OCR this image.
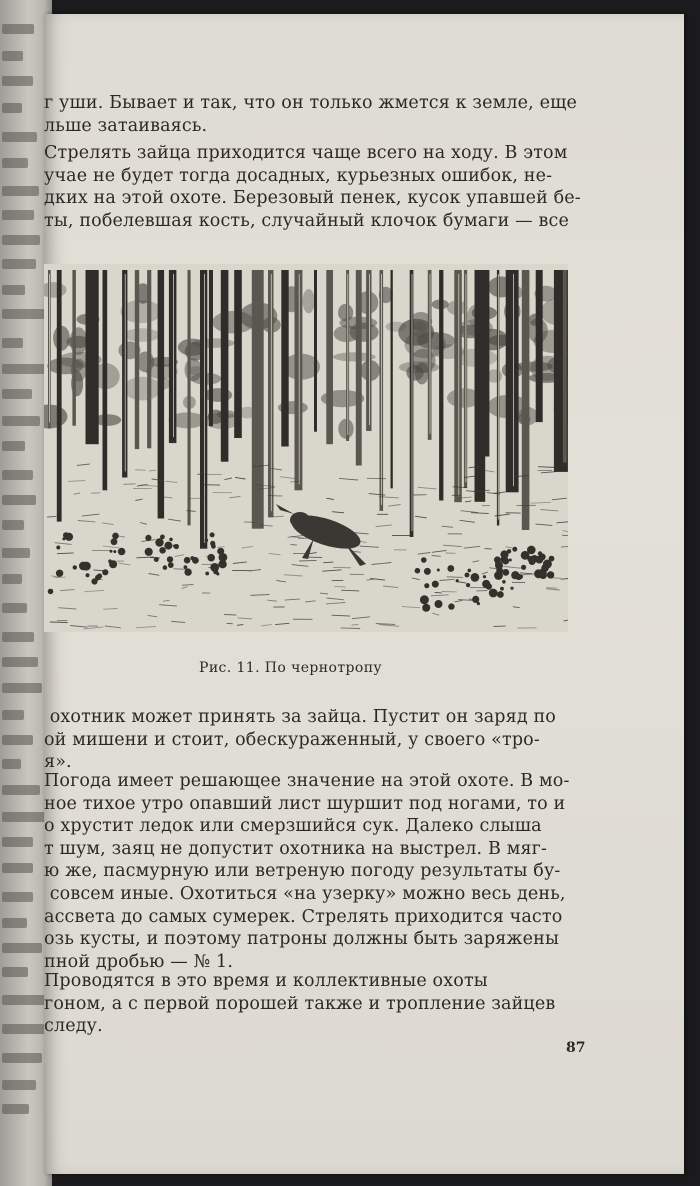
г уши. Бывает и так, что он только жмется к земле, еще
льше затаиваясь.
Стрелять зайца приходится чаще всего на ходу. В этом
учае не будет тогда досадных, курьезных ошибок, не-
дких на этой охоте. Березовый пенек, кусок упавшей бе-
ты, побелевшая кость, случайный клочок бумаги — все
Рис. 11. По чернотропу
охотник может принять за зайца. Пустит он заряд по
ой мишени и стоит, обескураженный, у своего «тро-
я».
Погода имеет решающее значение на этой охоте. В мо-
ное тихое утро опавший лист шуршит под ногами, то и
о хрустит ледок или смерзшийся сук. Далеко слыша
т шум, заяц не допустит охотника на выстрел. В мяг-
ю же, пасмурную или ветреную погоду результаты бу-
совсем иные. Охотиться «на узерку» можно весь день,
ассвета до самых сумерек. Стрелять приходится часто
озь кусты, и поэтому патроны должны быть заряжены
пной дробью — № 1.
Проводятся в это время и коллективные охоты
гоном, а с первой порошей также и тропление зайцев
следу.
87
